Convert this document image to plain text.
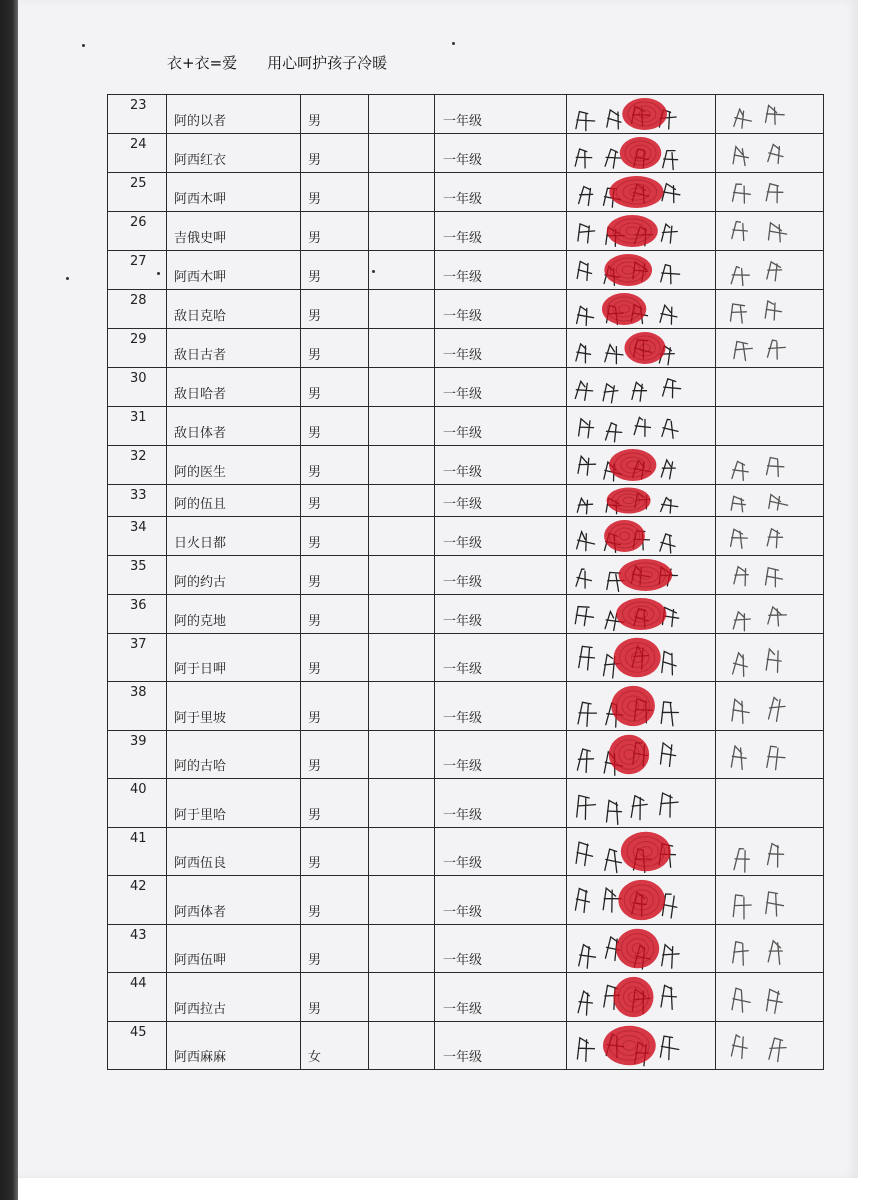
衣+衣=爱 用心呵护孩子冷暖
23	阿的以者	男		一年级

24	阿西红衣	男		一年级

25	阿西木呷	男		一年级

26	吉俄史呷	男		一年级

27	阿西木呷	男		一年级

28	敌日克哈	男		一年级

29	敌日古者	男		一年级

30	敌日哈者	男		一年级

31	敌日体者	男		一年级

32	阿的医生	男		一年级

33	阿的伍且	男		一年级

34	日火日都	男		一年级

35	阿的约古	男		一年级

36	阿的克地	男		一年级

37	阿于日呷	男		一年级

38	阿于里坡	男		一年级

39	阿的古哈	男		一年级

40	阿于里哈	男		一年级

41	阿西伍良	男		一年级

42	阿西体者	男		一年级

43	阿西伍呷	男		一年级

44	阿西拉古	男		一年级

45	阿西麻麻	女		一年级
